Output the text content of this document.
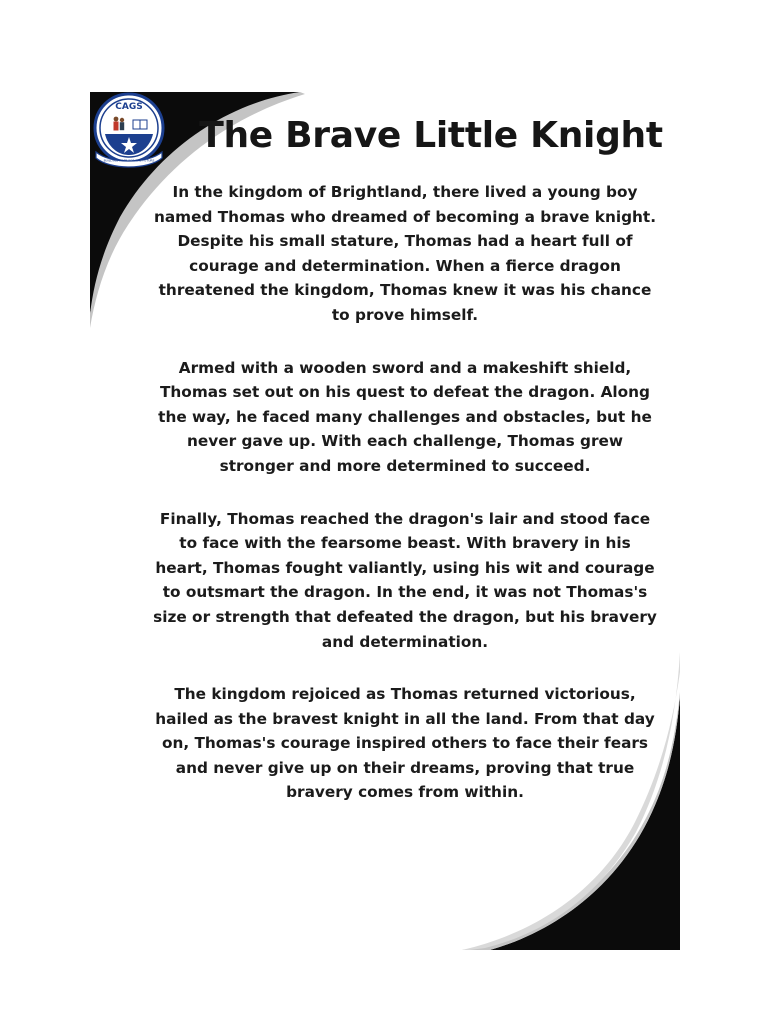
CAGS
BUILDING HOPE FOR THE FUTURE
The Brave Little Knight

In the kingdom of Brightland, there lived a young boy named Thomas who dreamed of becoming a brave knight. Despite his small stature, Thomas had a heart full of courage and determination. When a fierce dragon threatened the kingdom, Thomas knew it was his chance to prove himself.

Armed with a wooden sword and a makeshift shield, Thomas set out on his quest to defeat the dragon. Along the way, he faced many challenges and obstacles, but he never gave up. With each challenge, Thomas grew stronger and more determined to succeed.

Finally, Thomas reached the dragon's lair and stood face to face with the fearsome beast. With bravery in his heart, Thomas fought valiantly, using his wit and courage to outsmart the dragon. In the end, it was not Thomas's size or strength that defeated the dragon, but his bravery and determination.

The kingdom rejoiced as Thomas returned victorious, hailed as the bravest knight in all the land. From that day on, Thomas's courage inspired others to face their fears and never give up on their dreams, proving that true bravery comes from within.
